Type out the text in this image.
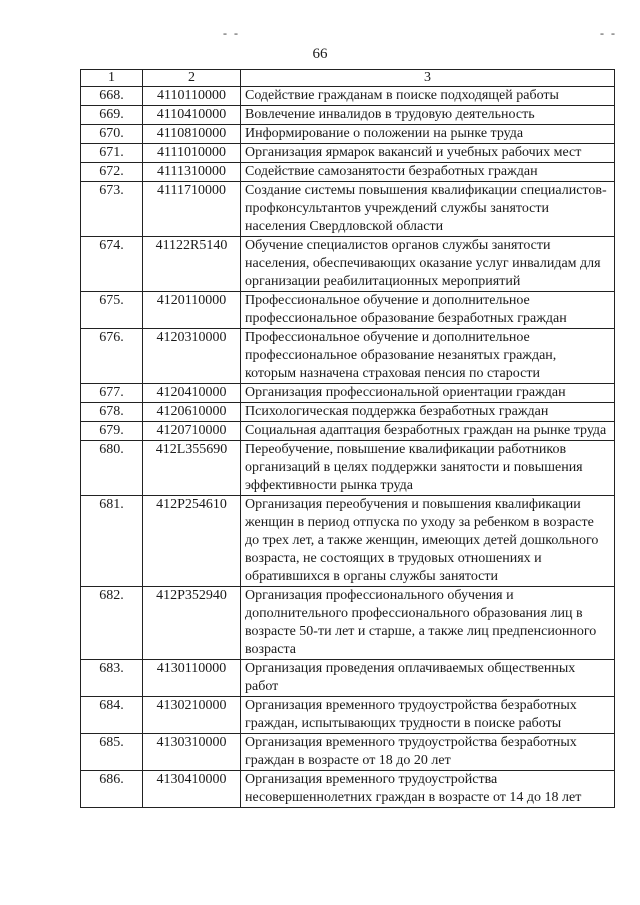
- -	- -
66
1	2	3
668.	4110110000	Содействие гражданам в поиске подходящей работы
669.	4110410000	Вовлечение инвалидов в трудовую деятельность
670.	4110810000	Информирование о положении на рынке труда
671.	4111010000	Организация ярмарок вакансий и учебных рабочих мест
672.	4111310000	Содействие самозанятости безработных граждан
673.	4111710000	Создание системы повышения квалификации специалистов-профконсультантов учреждений службы занятости населения Свердловской области
674.	41122R5140	Обучение специалистов органов службы занятости населения, обеспечивающих оказание услуг инвалидам для организации реабилитационных мероприятий
675.	4120110000	Профессиональное обучение и дополнительное профессиональное образование безработных граждан
676.	4120310000	Профессиональное обучение и дополнительное профессиональное образование незанятых граждан, которым назначена страховая пенсия по старости
677.	4120410000	Организация профессиональной ориентации граждан
678.	4120610000	Психологическая поддержка безработных граждан
679.	4120710000	Социальная адаптация безработных граждан на рынке труда
680.	412L355690	Переобучение, повышение квалификации работников организаций в целях поддержки занятости и повышения эффективности рынка труда
681.	412P254610	Организация переобучения и повышения квалификации женщин в период отпуска по уходу за ребенком в возрасте до трех лет, а также женщин, имеющих детей дошкольного возраста, не состоящих в трудовых отношениях и обратившихся в органы службы занятости
682.	412P352940	Организация профессионального обучения и дополнительного профессионального образования лиц в возрасте 50-ти лет и старше, а также лиц предпенсионного возраста
683.	4130110000	Организация проведения оплачиваемых общественных работ
684.	4130210000	Организация временного трудоустройства безработных граждан, испытывающих трудности в поиске работы
685.	4130310000	Организация временного трудоустройства безработных граждан в возрасте от 18 до 20 лет
686.	4130410000	Организация временного трудоустройства несовершеннолетних граждан в возрасте от 14 до 18 лет
